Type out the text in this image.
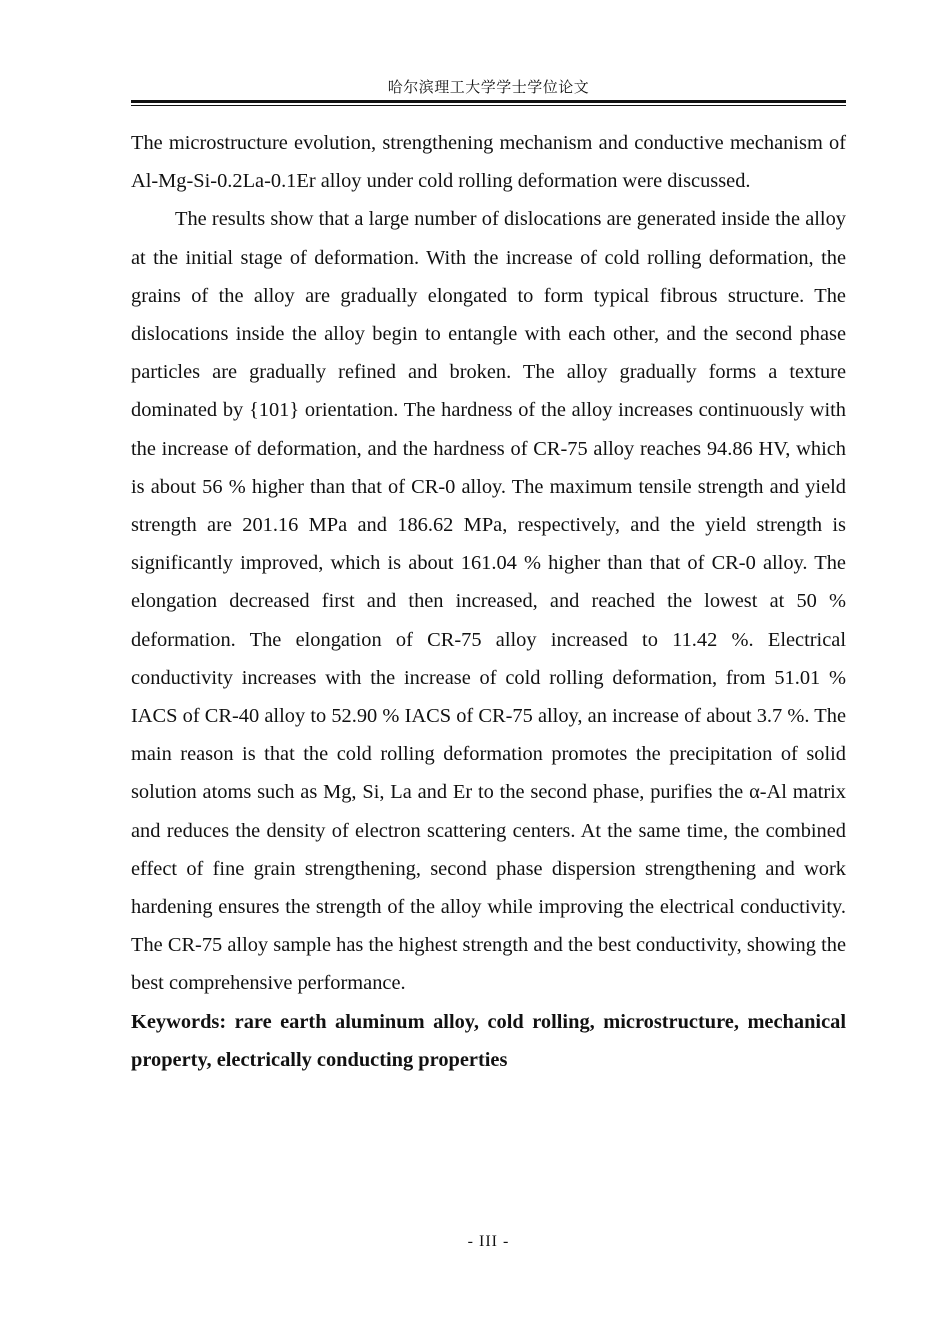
哈尔滨理工大学学士学位论文

The microstructure evolution, strengthening mechanism and conductive mechanism of Al-Mg-Si-0.2La-0.1Er alloy under cold rolling deformation were discussed.

The results show that a large number of dislocations are generated inside the alloy at the initial stage of deformation. With the increase of cold rolling deformation, the grains of the alloy are gradually elongated to form typical fibrous structure. The dislocations inside the alloy begin to entangle with each other, and the second phase particles are gradually refined and broken. The alloy gradually forms a texture dominated by {101} orientation. The hardness of the alloy increases continuously with the increase of deformation, and the hardness of CR-75 alloy reaches 94.86 HV, which is about 56 % higher than that of CR-0 alloy. The maximum tensile strength and yield strength are 201.16 MPa and 186.62 MPa, respectively, and the yield strength is significantly improved, which is about 161.04 % higher than that of CR-0 alloy. The elongation decreased first and then increased, and reached the lowest at 50 % deformation. The elongation of CR-75 alloy increased to 11.42 %. Electrical conductivity increases with the increase of cold rolling deformation, from 51.01 % IACS of CR-40 alloy to 52.90 % IACS of CR-75 alloy, an increase of about 3.7 %. The main reason is that the cold rolling deformation promotes the precipitation of solid solution atoms such as Mg, Si, La and Er to the second phase, purifies the α-Al matrix and reduces the density of electron scattering centers. At the same time, the combined effect of fine grain strengthening, second phase dispersion strengthening and work hardening ensures the strength of the alloy while improving the electrical conductivity. The CR-75 alloy sample has the highest strength and the best conductivity, showing the best comprehensive performance.

Keywords: rare earth aluminum alloy, cold rolling, microstructure, mechanical property, electrically conducting properties

- III -
